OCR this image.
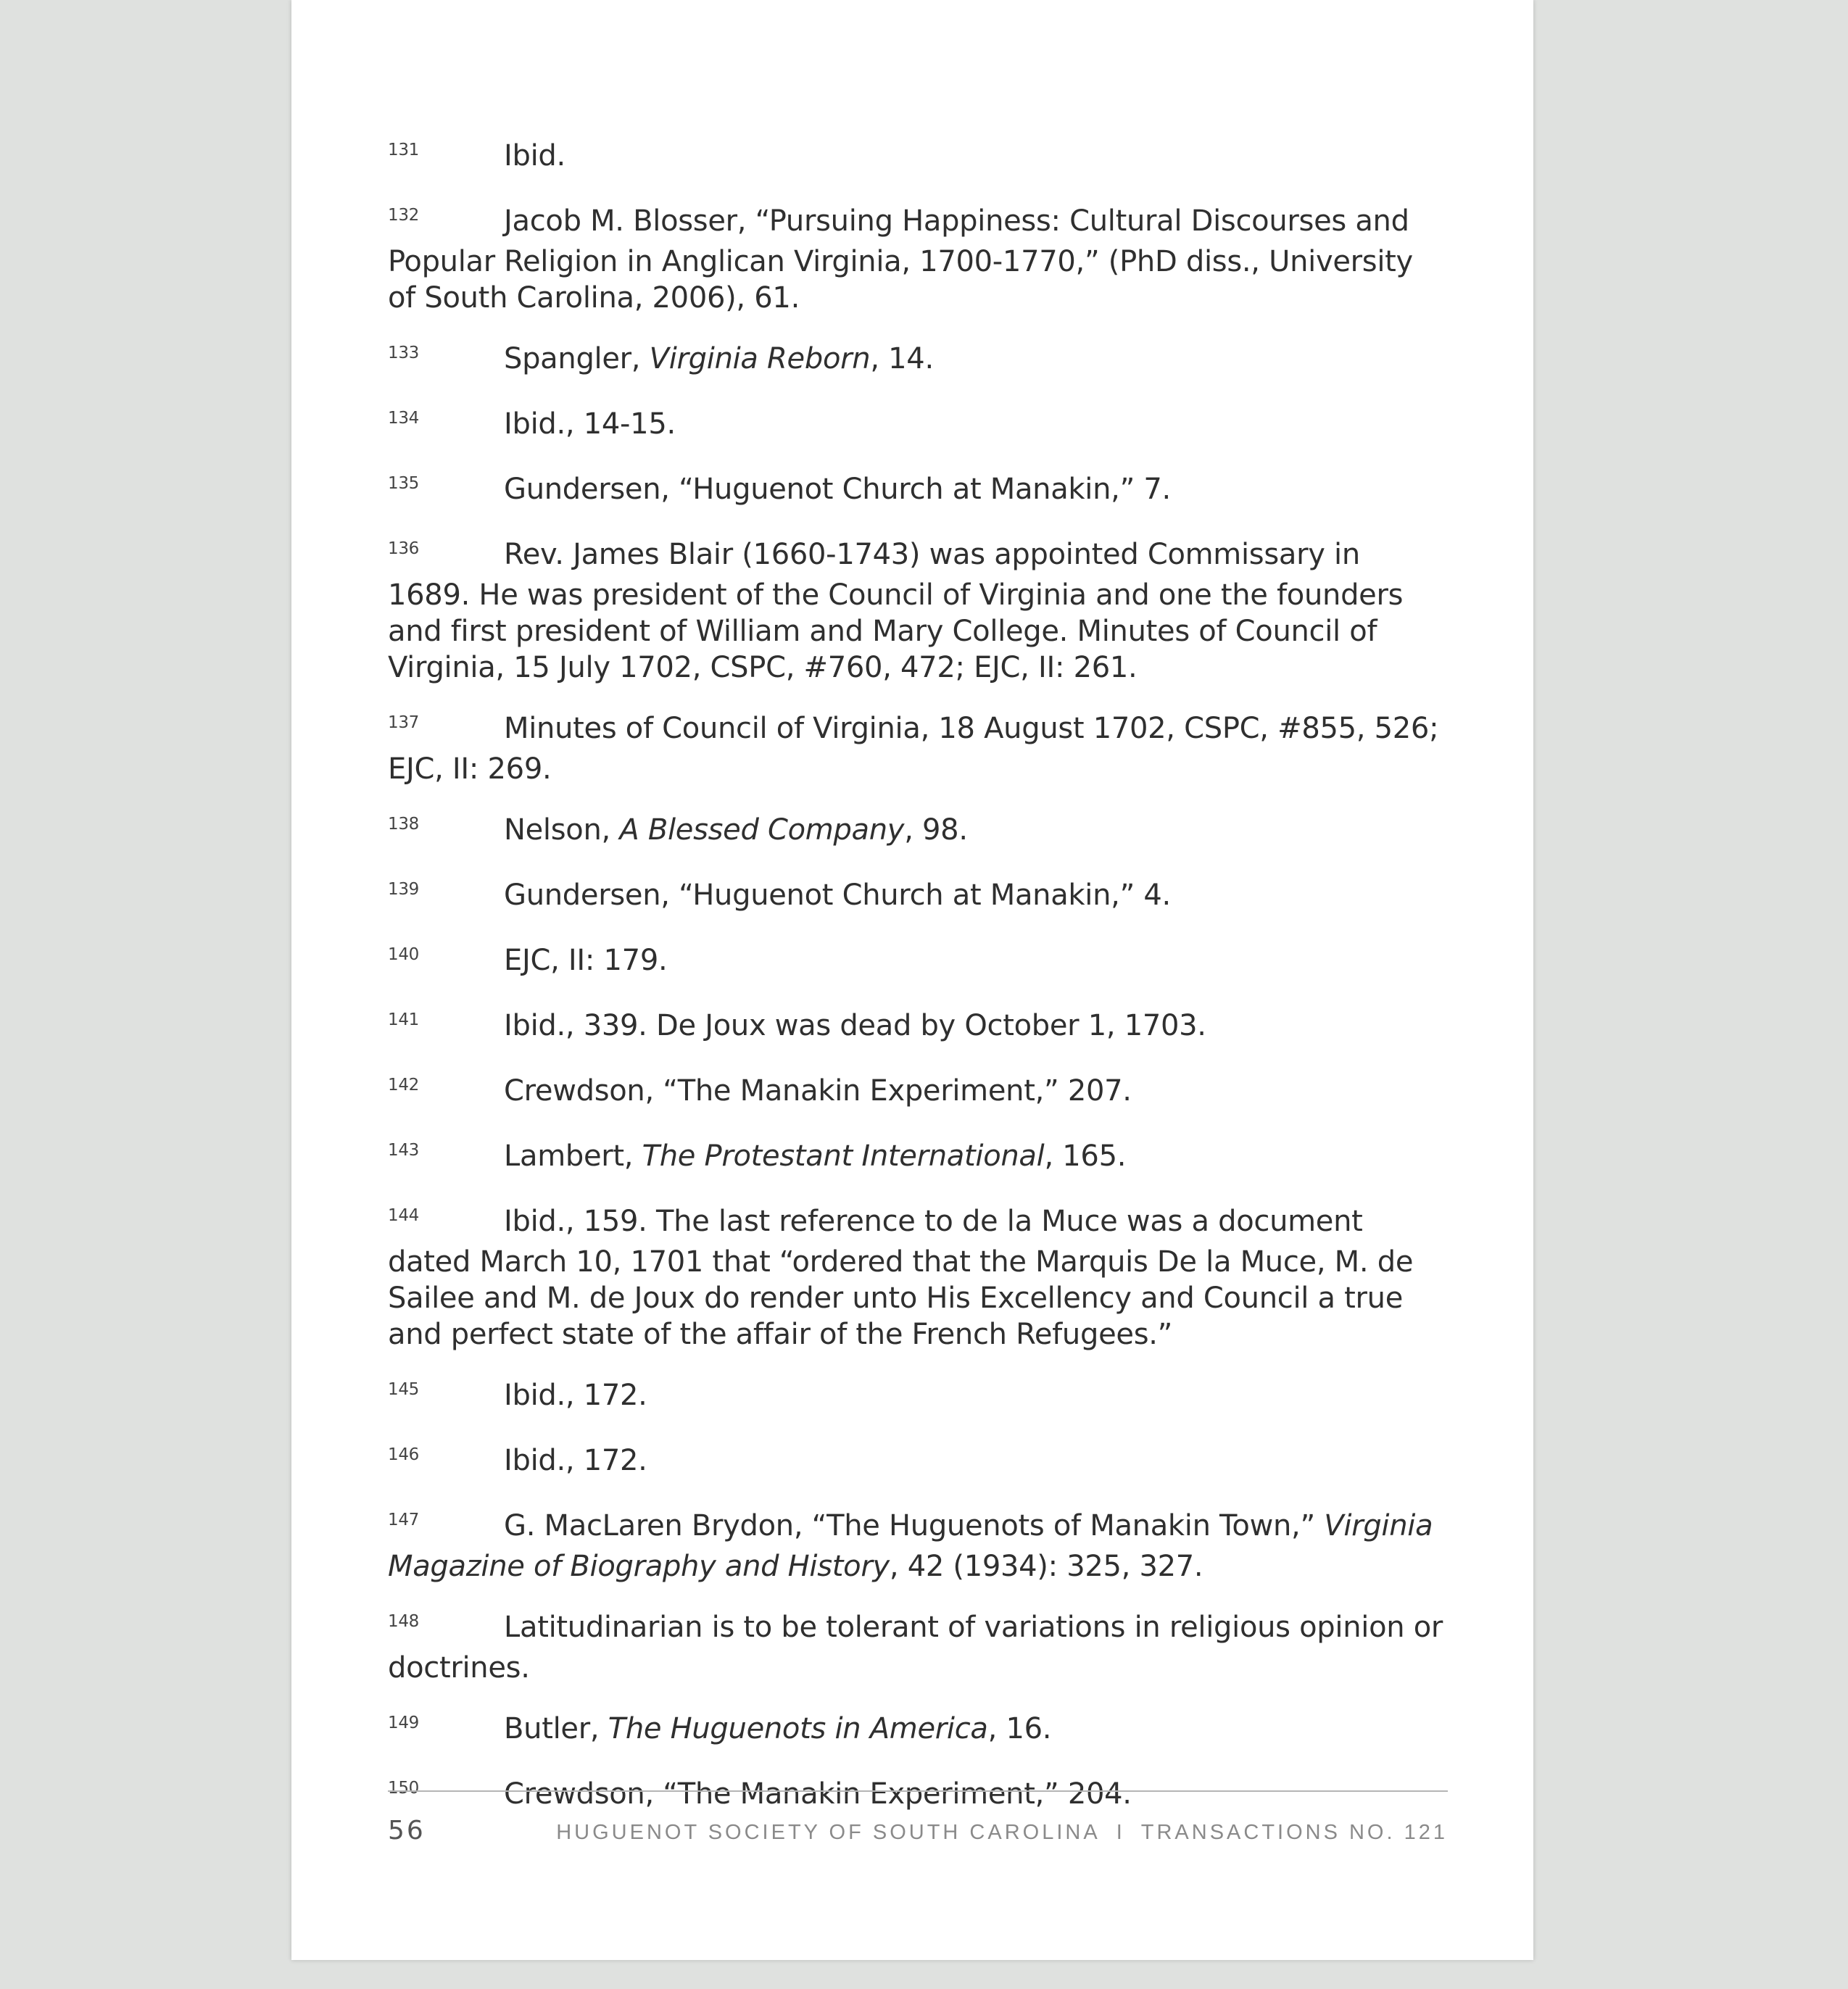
131	Ibid.

132	Jacob M. Blosser, “Pursuing Happiness: Cultural Discourses and Popular Religion in Anglican Virginia, 1700-1770,” (PhD diss., University of South Carolina, 2006), 61.

133	Spangler, Virginia Reborn, 14.

134	Ibid., 14-15.

135	Gundersen, “Huguenot Church at Manakin,” 7.

136	Rev. James Blair (1660-1743) was appointed Commissary in 1689. He was president of the Council of Virginia and one the founders and first president of William and Mary College. Minutes of Council of Virginia, 15 July 1702, CSPC, #760, 472; EJC, II: 261.

137	Minutes of Council of Virginia, 18 August 1702, CSPC, #855, 526; EJC, II: 269.

138	Nelson, A Blessed Company, 98.

139	Gundersen, “Huguenot Church at Manakin,” 4.

140	EJC, II: 179.

141	Ibid., 339. De Joux was dead by October 1, 1703.

142	Crewdson, “The Manakin Experiment,” 207.

143	Lambert, The Protestant International, 165.

144	Ibid., 159. The last reference to de la Muce was a document dated March 10, 1701 that “ordered that the Marquis De la Muce, M. de Sailee and M. de Joux do render unto His Excellency and Council a true and perfect state of the affair of the French Refugees.”

145	Ibid., 172.

146	Ibid., 172.

147	G. MacLaren Brydon, “The Huguenots of Manakin Town,” Virginia Magazine of Biography and History, 42 (1934): 325, 327.

148	Latitudinarian is to be tolerant of variations in religious opinion or doctrines.

149	Butler, The Huguenots in America, 16.

150	Crewdson, “The Manakin Experiment,” 204.

56	HUGUENOT SOCIETY OF SOUTH CAROLINA I TRANSACTIONS NO. 121
